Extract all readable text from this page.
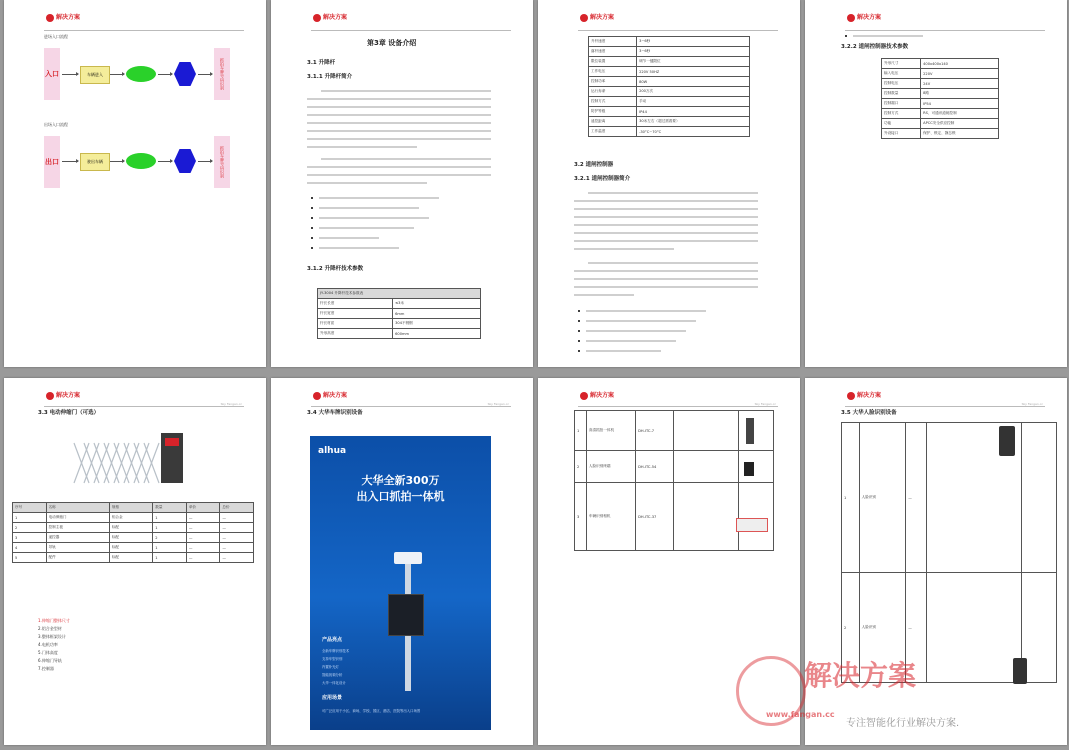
解决方案
进场入口流程
入口	车辆进入	抓拍车牌号码识别
出场入口流程
出口	驶出车辆	抓拍车牌号码识别
解决方案
第3章 设备介绍
3.1 升降杆
3.1.1 升降杆简介
3.1.2 升降杆技术参数
JY-3004 升降杆技术参数表	
杆长长度	≤3米
杆长宽度	6mm
杆长材质	304不锈钢
外形高度	600mm
解决方案
升杆速度	3~6秒
落杆速度	3~6秒
限位装置	调节一键限位
工作电压	220V 50HZ
控制功率	80W
运行寿命	200万次
控制方式	手动
防护等级	IP44
遥控距离	30米左右（超过需看要）
工作温度	-30°C~70°C
3.2 道闸控制器
3.2.1 道闸控制器简介
解决方案
3.2.2 道闸控制器技术参数
外形尺寸	400x400x140
输入电压	220V
控制电压	24V
控制数量	8路
控制端口	IP54
控制方式	RS、可通讯道闸控制
功能	APCC安全供应控制
外设接口	保护、锁定、静态锁
解决方案
Sky Fangan.cc
3.3 电动伸缩门（可选）
序号	名称	规格	数量	单价	总价
1	电动伸缩门	铝合金	1	—	—
2	控制主板	标配	1	—	—
3	遥控器	标配	2	—	—
4	导轨	标配	1	—	—
5	配件	标配	1	—	—
1.伸缩门整体尺寸
2.铝合金型材
3.整体框架设计
4.电机功率
5.门体高度
6.伸缩门导轨
7.控制器
解决方案
Sky Fangan.cc
3.4 大华车牌识别设备
alhua
大华全新300万
出入口抓拍一体机
产品亮点
全新车牌识别技术
支持车型识别
内置补光灯
智能视频分析
大华一体化设计
应用场景
可广泛应用于小区、商场、学校、园区、酒店、医院等出入口场景
解决方案
Sky Fangan.cc
1	高清抓拍一体机	DH-ITC-7		
2	人脸识别终端	DH-ITC-54		
3	车辆识别相机	DH-ITC-37		
解决方案
Sky Fangan.cc
3.5 大华人脸识别设备
1	人脸识别	—		
2	人脸识别	—		
解决方案
www.fangan.cc
专注智能化行业解决方案.
